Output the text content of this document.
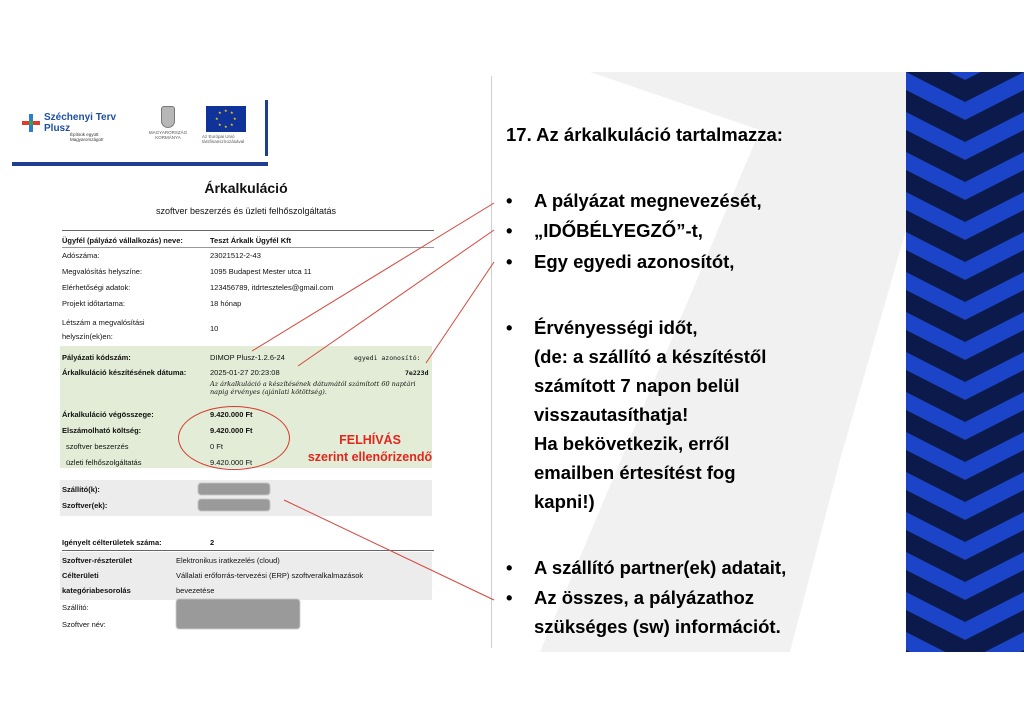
Széchenyi Terv Plusz
Építsük együtt Magyarországot!
MAGYARORSZÁG KORMÁNYA
★ ★
★
★
★
★
★
★
Az Európai Unió társfinanszírozásával
Árkalkuláció
szoftver beszerzés és üzleti felhőszolgáltatás
Ügyfél (pályázó vállalkozás) neve:	Teszt Árkalk Ügyfél Kft
Adószáma:	23021512-2-43
Megvalósítás helyszíne:	1095 Budapest Mester utca 11
Elérhetőségi adatok:	123456789, itdrteszteles@gmail.com
Projekt időtartama:	18 hónap
Létszám a megvalósítási helyszín(ek)en:
10
Pályázati kódszám:	DIMOP Plusz-1.2.6-24	egyedi azonosító:
Árkalkuláció készítésének dátuma:	2025-01-27 20:23:08	7e223d
Az árkalkuláció a készítésének dátumától számított 60 naptári napig érvényes (ajánlati kötöttség).
Árkalkuláció végösszege:	9.420.000 Ft
Elszámolható költség:	9.420.000 Ft
szoftver beszerzés	0 Ft
üzleti felhőszolgáltatás	9.420.000 Ft
Szállító(k):
Szoftver(ek):
Igényelt célterületek száma:	2
Szoftver-részterület	Elektronikus iratkezelés (cloud)
Célterületi	Vállalati erőforrás-tervezési (ERP) szoftveralkalmazások
kategóriabesorolás	bevezetése
Szállító:
Szoftver név:
FELHÍVÁS
szerint ellenőrizendő
17. Az árkalkuláció tartalmazza:
• A pályázat megnevezését,
• „IDŐBÉLYEGZŐ”-t,
• Egy egyedi azonosítót,
• Érvényességi időt,
(de: a szállító a készítéstől
számított 7 napon belül
visszautasíthatja!
Ha bekövetkezik, erről
emailben értesítést fog
kapni!)
• A szállító partner(ek) adatait,
• Az összes, a pályázathoz
szükséges (sw) információt.
